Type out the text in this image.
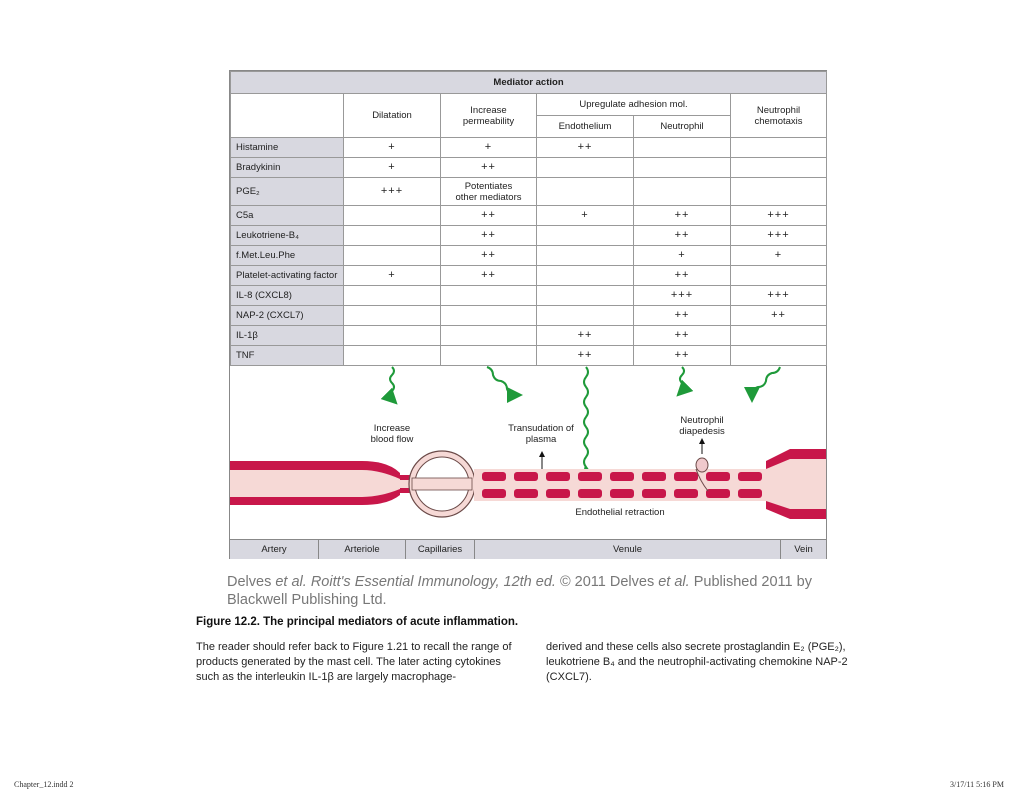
Mediator action					
	Dilatation	Increase permeability	Upregulate adhesion mol.		Neutrophil chemotaxis

			Endothelium	Neutrophil	
Histamine	+	+	++		
Bradykinin	+	++			
PGE₂	+++	Potentiates other mediators			
C5a		++	+	++	+++
Leukotriene-B₄		++		++	+++
f.Met.Leu.Phe		++		+	+
Platelet-activating factor	+	++		++	
IL-8 (CXCL8)				+++	+++
NAP-2 (CXCL7)				++	++
IL-1β			++	++	
TNF			++	++	
Increase blood flow
Transudation of plasma
Neutrophil diapedesis
Endothelial retraction
Artery	Arteriole	Capillaries	Venule	Vein
Delves et al. Roitt's Essential Immunology, 12th ed. © 2011 Delves et al. Published 2011 by Blackwell Publishing Ltd.
Figure 12.2. The principal mediators of acute inflammation.
The reader should refer back to Figure 1.21 to recall the range of products generated by the mast cell. The later acting cytokines such as the interleukin IL-1β are largely macrophage-
derived and these cells also secrete prostaglandin E₂ (PGE₂), leukotriene B₄ and the neutrophil-activating chemokine NAP-2 (CXCL7).
Chapter_12.indd 2	3/17/11 5:16 PM
